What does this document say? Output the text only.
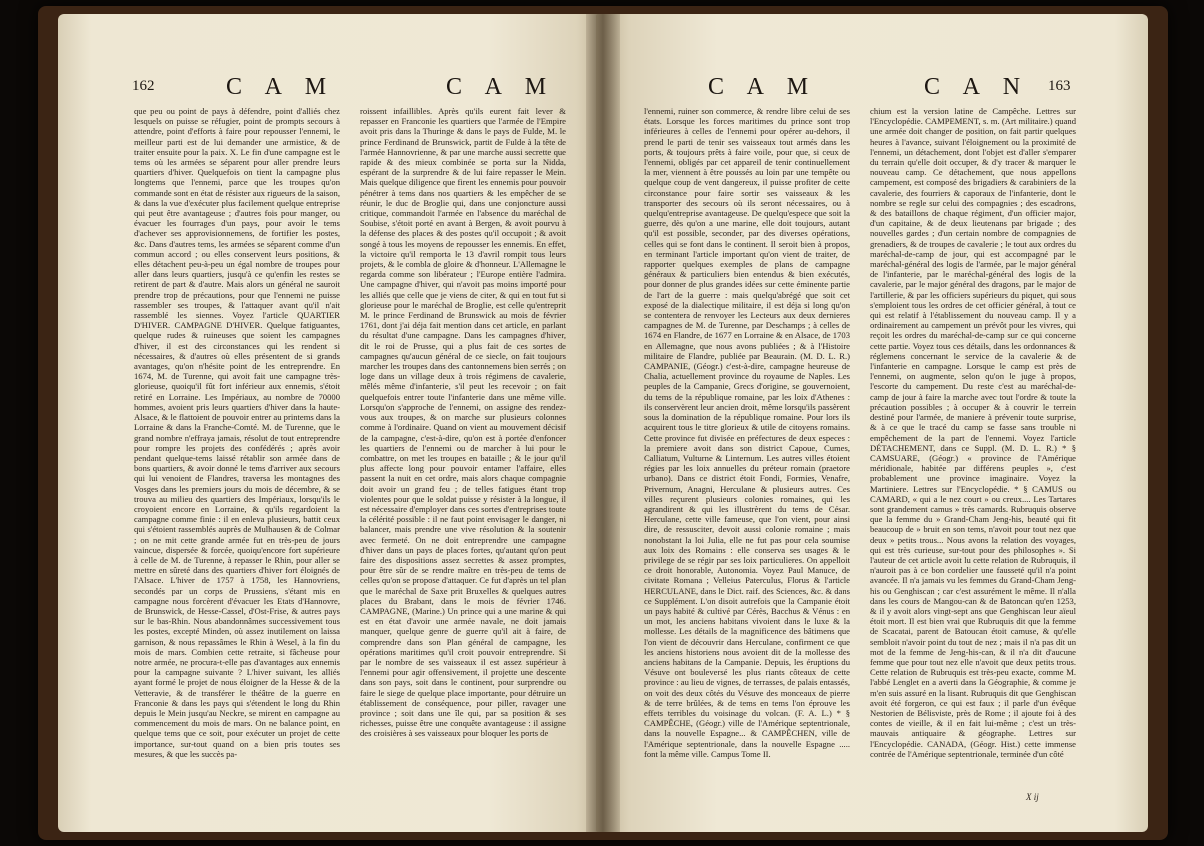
162	C A M	C A M
que peu ou point de pays à défendre, point d'alliés chez lesquels on puisse se réfugier, point de prompts secours à attendre, point d'efforts à faire pour repousser l'ennemi, le meilleur parti est de lui demander une armistice, & de traiter ensuite pour la paix. X. Le fin d'une campagne est le tems où les armées se séparent pour aller prendre leurs quartiers d'hiver. Quelquefois on tient la campagne plus longtems que l'ennemi, parce que les troupes qu'on commande sont en état de résister aux rigueurs de la saison, & dans la vue d'exécuter plus facilement quelque entreprise qui peut être avantageuse ; d'autres fois pour manger, ou évacuer les fourrages d'un pays, pour avoir le tems d'achever ses approvisionnemens, de fortifier les postes, &c. Dans d'autres tems, les armées se séparent comme d'un commun accord ; ou elles conservent leurs positions, & elles détachent peu-à-peu un égal nombre de troupes pour aller dans leurs quartiers, jusqu'à ce qu'enfin les restes se retirent de part & d'autre. Mais alors un général ne sauroit prendre trop de précautions, pour que l'ennemi ne puisse rassembler ses troupes, & l'attaquer avant qu'il n'ait rassemblé les siennes. Voyez l'article QUARTIER D'HIVER. CAMPAGNE D'HIVER. Quelque fatiguantes, quelque rudes & ruineuses que soient les campagnes d'hiver, il est des circonstances qui les rendent si nécessaires, & d'autres où elles présentent de si grands avantages, qu'on n'hésite point de les entreprendre. En 1674, M. de Turenne, qui avoit fait une campagne très-glorieuse, quoiqu'il fût fort inférieur aux ennemis, s'étoit retiré en Lorraine. Les Impériaux, au nombre de 70000 hommes, avoient pris leurs quartiers d'hiver dans la haute-Alsace, & le flattoient de pouvoir entrer au printems dans la Lorraine & dans la Franche-Comté. M. de Turenne, que le grand nombre n'effraya jamais, résolut de tout entreprendre pour rompre les projets des confédérés ; après avoir pendant quelque-tems laissé rétablir son armée dans de bons quartiers, & avoir donné le tems d'arriver aux secours qui lui venoient de Flandres, traversa les montagnes des Vosges dans les premiers jours du mois de décembre, & se trouva au milieu des quartiers des Impériaux, lorsqu'ils le croyoient encore en Lorraine, & qu'ils regardoient la campagne comme finie : il en enleva plusieurs, battit ceux qui s'étoient rassemblés auprès de Mulhausen & de Colmar ; on ne mit cette grande armée fut en très-peu de jours vaincue, dispersée & forcée, quoiqu'encore fort supérieure à celle de M. de Turenne, à repasser le Rhin, pour aller se mettre en sûreté dans des quartiers d'hiver fort éloignés de l'Alsace. L'hiver de 1757 à 1758, les Hannovriens, secondés par un corps de Prussiens, s'étant mis en campagne nous forcèrent d'évacuer les Etats d'Hannovre, de Brunswick, de Hesse-Cassel, d'Ost-Frise, & autres pays sur le bas-Rhin. Nous abandonnâmes successivement tous les postes, excepté Minden, où assez inutilement on laissa garnison, & nous repassâmes le Rhin à Wesel, à la fin du mois de mars. Combien cette retraite, si fâcheuse pour notre armée, ne procura-t-elle pas d'avantages aux ennemis pour la campagne suivante ? L'hiver suivant, les alliés ayant formé le projet de nous éloigner de la Hesse & de la Vetteravie, & de transférer le théâtre de la guerre en Franconie & dans les pays qui s'étendent le long du Rhin depuis le Mein jusqu'au Neckre, se mirent en campagne au commencement du mois de mars. On ne balance point, en quelque tems que ce soit, pour exécuter un projet de cette importance, sur-tout quand on a bien pris toutes ses mesures, & que les succès pa-
roissent infaillibles. Après qu'ils eurent fait lever & repasser en Franconie les quartiers que l'armée de l'Empire avoit pris dans la Thuringe & dans le pays de Fulde, M. le prince Ferdinand de Brunswick, partit de Fulde à la tête de l'armée Hannovrienne, & par une marche aussi secrette que rapide & des mieux combinée se porta sur la Nidda, espérant de la surprendre & de lui faire repasser le Mein. Mais quelque diligence que firent les ennemis pour pouvoir pénétrer à tems dans nos quartiers & les empêcher de se réunir, le duc de Broglie qui, dans une conjoncture aussi critique, commandoit l'armée en l'absence du maréchal de Soubise, s'étoit porté en avant à Bergen, & avoit pourvu à la défense des places & des postes qu'il occupoit ; & avoit songé à tous les moyens de repousser les ennemis. En effet, la victoire qu'il remporta le 13 d'avril rompit tous leurs projets, & le combla de gloire & d'honneur. L'Allemagne le regarda comme son libérateur ; l'Europe entière l'admira. Une campagne d'hiver, qui n'avoit pas moins importé pour les alliés que celle que je viens de citer, & qui en tout fut si glorieuse pour le maréchal de Broglie, est celle qu'entreprit M. le prince Ferdinand de Brunswick au mois de février 1761, dont j'ai déja fait mention dans cet article, en parlant du résultat d'une campagne. Dans les campagnes d'hiver, dit le roi de Prusse, qui a plus fait de ces sortes de campagnes qu'aucun général de ce siecle, on fait toujours marcher les troupes dans des cantonnemens bien serrés ; on loge dans un village deux à trois régimens de cavalerie, mêlés même d'infanterie, s'il peut les recevoir ; on fait quelquefois entrer toute l'infanterie dans une même ville. Lorsqu'on s'approche de l'ennemi, on assigne des rendez-vous aux troupes, & on marche sur plusieurs colonnes comme à l'ordinaire. Quand on vient au mouvement décisif de la campagne, c'est-à-dire, qu'on est à portée d'enfoncer les quartiers de l'ennemi ou de marcher à lui pour le combattre, on met les troupes en bataille ; & le jour qu'il plus affecte long pour pouvoir entamer l'affaire, elles passent la nuit en cet ordre, mais alors chaque compagnie doit avoir un grand feu ; de telles fatigues étant trop violentes pour que le soldat puisse y résister à la longue, il est nécessaire d'employer dans ces sortes d'entreprises toute la célérité possible : il ne faut point envisager le danger, ni balancer, mais prendre une vive résolution & la soutenir avec fermeté. On ne doit entreprendre une campagne d'hiver dans un pays de places fortes, qu'autant qu'on peut faire des dispositions assez secrettes & assez promptes, pour être sûr de se rendre maître en très-peu de tems de celles qu'on se propose d'attaquer. Ce fut d'après un tel plan que le maréchal de Saxe prit Bruxelles & quelques autres places du Brabant, dans le mois de février 1746. CAMPAGNE, (Marine.) Un prince qui a une marine & qui est en état d'avoir une armée navale, ne doit jamais manquer, quelque genre de guerre qu'il ait à faire, de comprendre dans son Plan général de campagne, les opérations maritimes qu'il croit pouvoir entreprendre. Si par le nombre de ses vaisseaux il est assez supérieur à l'ennemi pour agir offensivement, il projette une descente dans son pays, soit dans le continent, pour surprendre ou faire le siege de quelque place importante, pour détruire un établissement de conséquence, pour piller, ravager une province ; soit dans une île qui, par sa position & ses richesses, puisse être une conquête avantageuse : il assigne des croisières à ses vaisseaux pour bloquer les ports de
C A M	C A N 163
l'ennemi, ruiner son commerce, & rendre libre celui de ses états. Lorsque les forces maritimes du prince sont trop inférieures à celles de l'ennemi pour opérer au-dehors, il prend le parti de tenir ses vaisseaux tout armés dans les ports, & toujours prêts à faire voile, pour que, si ceux de l'ennemi, obligés par cet appareil de tenir continuellement la mer, viennent à être poussés au loin par une tempête ou quelque coup de vent dangereux, il puisse profiter de cette circonstance pour faire sortir ses vaisseaux & les transporter des secours où ils seront nécessaires, ou à quelqu'entreprise avantageuse. De quelqu'espece que soit la guerre, dès qu'on a une marine, elle doit toujours, autant qu'il est possible, seconder, par des diverses opérations, celles qui se font dans le continent. Il seroit bien à propos, en terminant l'article important qu'on vient de traiter, de rapporter quelques exemples de plans de campagne généraux & particuliers bien entendus & bien exécutés, pour donner de plus grandes idées sur cette éminente partie de l'art de la guerre : mais quelqu'abrégé que soit cet exposé de la dialectique militaire, il est déja si long qu'on se contentera de renvoyer les Lecteurs aux deux dernieres campagnes de M. de Turenne, par Deschamps ; à celles de 1674 en Flandre, de 1677 en Lorraine & en Alsace, de 1703 en Allemagne, que nous avons publiées ; & à l'Histoire militaire de Flandre, publiée par Beaurain. (M. D. L. R.) CAMPANIE, (Géogr.) c'est-à-dire, campagne heureuse de Chalia, actuellement province du royaume de Naples. Les peuples de la Campanie, Grecs d'origine, se gouvernoient, du tems de la république romaine, par les loix d'Athenes : ils conservèrent leur ancien droit, même lorsqu'ils passèrent sous la domination de la république romaine. Pour lors ils acquirent tous le titre glorieux & utile de citoyens romains. Cette province fut divisée en préfectures de deux especes : la premiere avoit dans son district Capoue, Cumes, Calliatum, Vulturne & Linternum. Les autres villes étoient régies par les loix annuelles du préteur romain (praetore urbano). Dans ce district étoit Fondi, Formies, Venafre, Privernum, Anagni, Herculane & plusieurs autres. Ces villes reçurent plusieurs colonies romaines, qui les agrandirent & qui les illustrèrent du tems de César. Herculane, cette ville fameuse, que l'on vient, pour ainsi dire, de ressusciter, devoit aussi colonie romaine ; mais nonobstant la loi Julia, elle ne fut pas pour cela soumise aux loix des Romains : elle conserva ses usages & le privilege de se régir par ses loix particulieres. On appelloit ce droit honorable, Autonomia. Voyez Paul Manuce, de civitate Romana ; Velleius Paterculus, Florus & l'article HERCULANE, dans le Dict. raif. des Sciences, &c. & dans ce Supplément. L'on disoit autrefois que la Campanie étoit un pays habité & cultivé par Cérès, Bacchus & Vénus : en un mot, les anciens habitans vivoient dans le luxe & la mollesse. Les détails de la magnificence des bâtimens que l'on vient de découvrir dans Herculane, confirment ce que les anciens historiens nous avoient dit de la mollesse des anciens habitans de la Campanie. Depuis, les éruptions du Vésuve ont bouleversé les plus riants côteaux de cette province : au lieu de vignes, de terrasses, de palais entassés, on voit des deux côtés du Vésuve des monceaux de pierre & de terre brûlées, & de tems en tems l'on éprouve les effets terribles du voisinage du volcan. (F. A. L.) * § CAMPÊCHE, (Géogr.) ville de l'Amérique septentrionale, dans la nouvelle Espagne... & CAMPÊCHEN, ville de l'Amérique septentrionale, dans la nouvelle Espagne ..... font la même ville. Campus Tome II.
chium est la version latine de Campêche. Lettres sur l'Encyclopédie. CAMPEMENT, s. m. (Art militaire.) quand une armée doit changer de position, on fait partir quelques heures à l'avance, suivant l'éloignement ou la proximité de l'ennemi, un détachement, dont l'objet est d'aller s'emparer du terrain qu'elle doit occuper, & d'y tracer & marquer le nouveau camp. Ce détachement, que nous appellons campement, est composé des brigadiers & carabiniers de la cavalerie, des fourriers & caporaux de l'infanterie, dont le nombre se regle sur celui des compagnies ; des escadrons, & des bataillons de chaque régiment, d'un officier major, d'un capitaine, & de deux lieutenans par brigade ; des nouvelles gardes ; d'un certain nombre de compagnies de grenadiers, & de troupes de cavalerie ; le tout aux ordres du maréchal-de-camp de jour, qui est accompagné par le maréchal-général des logis de l'armée, par le major général de l'infanterie, par le maréchal-général des logis de la cavalerie, par le major général des dragons, par le major de l'artillerie, & par les officiers supérieurs du piquet, qui sous s'emploient tous les ordres de cet officier général, à tout ce qui est relatif à l'établissement du nouveau camp. Il y a ordinairement au campement un prévôt pour les vivres, qui reçoit les ordres du maréchal-de-camp sur ce qui concerne cette partie. Voyez tous ces détails, dans les ordonnances & réglemens concernant le service de la cavalerie & de l'infanterie en campagne. Lorsque le camp est près de l'ennemi, on augmente, selon qu'on le juge à propos, l'escorte du campement. Du reste c'est au maréchal-de-camp de jour à faire la marche avec tout l'ordre & toute la précaution possibles ; à occuper & à couvrir le terrein destiné pour l'armée, de maniere à prévenir toute surprise, & à ce que le tracé du camp se fasse sans trouble ni empêchement de la part de l'ennemi. Voyez l'article DÉTACHEMENT, dans ce Suppl. (M. D. L. R.) * § CAMSUARE, (Géogr.) « province de l'Amérique méridionale, habitée par différens peuples », c'est probablement une province imaginaire. Voyez la Martiniere. Lettres sur l'Encyclopédie. * § CAMUS ou CAMARD, « qui a le nez court » ou creux.... Les Tartares sont grandement camus » très camards. Rubruquis observe que la femme du » Grand-Cham Jeng-his, beauté qui fit beaucoup de » bruit en son tems, n'avoit pour tout nez que deux » petits trous... Nous avons la relation des voyages, qui est très curieuse, sur-tout pour des philosophes ». Si l'auteur de cet article avoit lu cette relation de Rubruquis, il n'auroit pas à ce bon cordelier une fausseté qu'il n'a point avancée. Il n'a jamais vu les femmes du Grand-Cham Jeng-his ou Genghiscan ; car c'est assurément le même. Il n'alla dans les cours de Mangou-can & de Batoncan qu'en 1253, & il y avoit alors vingt-sept ans que Genghiscan leur aïeul étoit mort. Il est bien vrai que Rubruquis dit que la femme de Scacatai, parent de Batoucan étoit camuse, & qu'elle sembloit n'avoir point du tout de nez ; mais il n'a pas dit un mot de la femme de Jeng-his-can, & il n'a dit d'aucune femme que pour tout nez elle n'avoit que deux petits trous. Cette relation de Rubruquis est très-peu exacte, comme M. l'abbé Lenglet en a averti dans la Géographie, & comme je m'en suis assuré en la lisant. Rubruquis dit que Genghiscan avoit été forgeron, ce qui est faux ; il parle d'un évêque Nestorien de Bélisviste, près de Rome ; il ajoute foi à des contes de vieille, & il en fait lui-même ; c'est un très-mauvais antiquaire & géographe. Lettres sur l'Encyclopédie. CANADA, (Géogr. Hist.) cette immense contrée de l'Amérique septentrionale, terminée d'un côté
X ij
